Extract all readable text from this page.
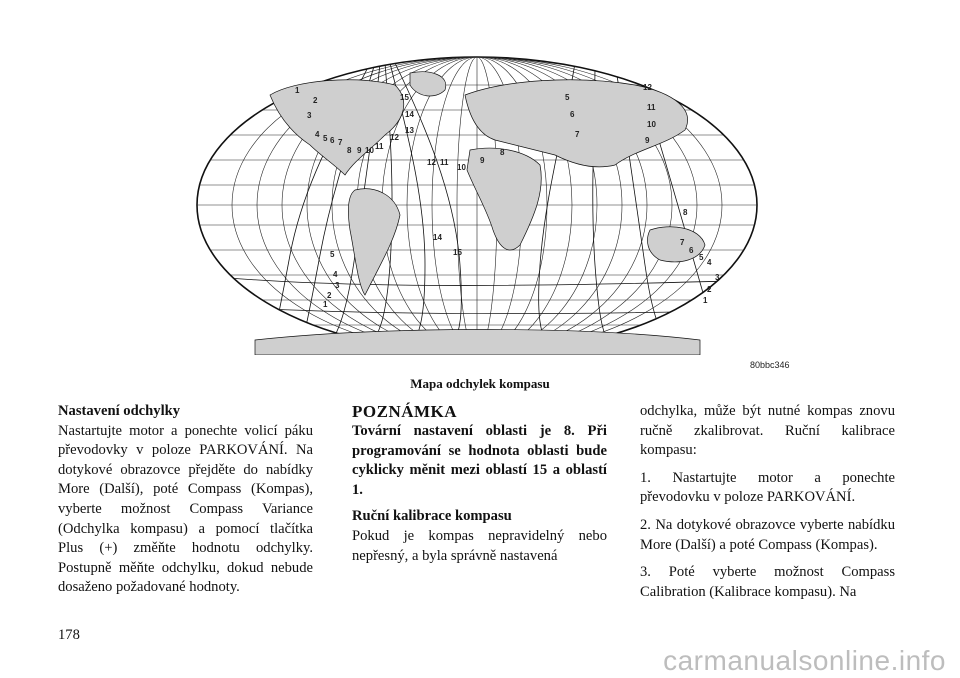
2
3
4 5 6 7
8 9 10 11
12
13
14
15
12 11
10
9
8
5
6
7
12
11
10
9
8
7
6
5
4
3
2
1
14
15
5
4
3
2
1
1
80bbc346
Mapa odchylek kompasu

Nastavení odchylky

Nastartujte motor a ponechte volicí páku převodovky v poloze PARKOVÁNÍ. Na dotykové obrazovce přejděte do nabídky More (Další), poté Compass (Kompas), vyberte možnost Compass Variance (Odchylka kompasu) a pomocí tlačítka Plus (+) změňte hodnotu odchylky. Postupně měňte odchylku, dokud nebude dosaženo požadované hodnoty.

POZNÁMKA

Tovární nastavení oblasti je 8. Při programování se hodnota oblasti bude cyklicky měnit mezi oblastí 15 a oblastí 1.

Ruční kalibrace kompasu

Pokud je kompas nepravidelný nebo nepřesný, a byla správně nastavená

odchylka, může být nutné kompas znovu ručně zkalibrovat. Ruční kalibrace kompasu:

1. Nastartujte motor a ponechte převodovku v poloze PARKOVÁNÍ.

2. Na dotykové obrazovce vyberte nabídku More (Další) a poté Compass (Kompas).

3. Poté vyberte možnost Compass Calibration (Kalibrace kompasu). Na

178
carmanualsonline.info
